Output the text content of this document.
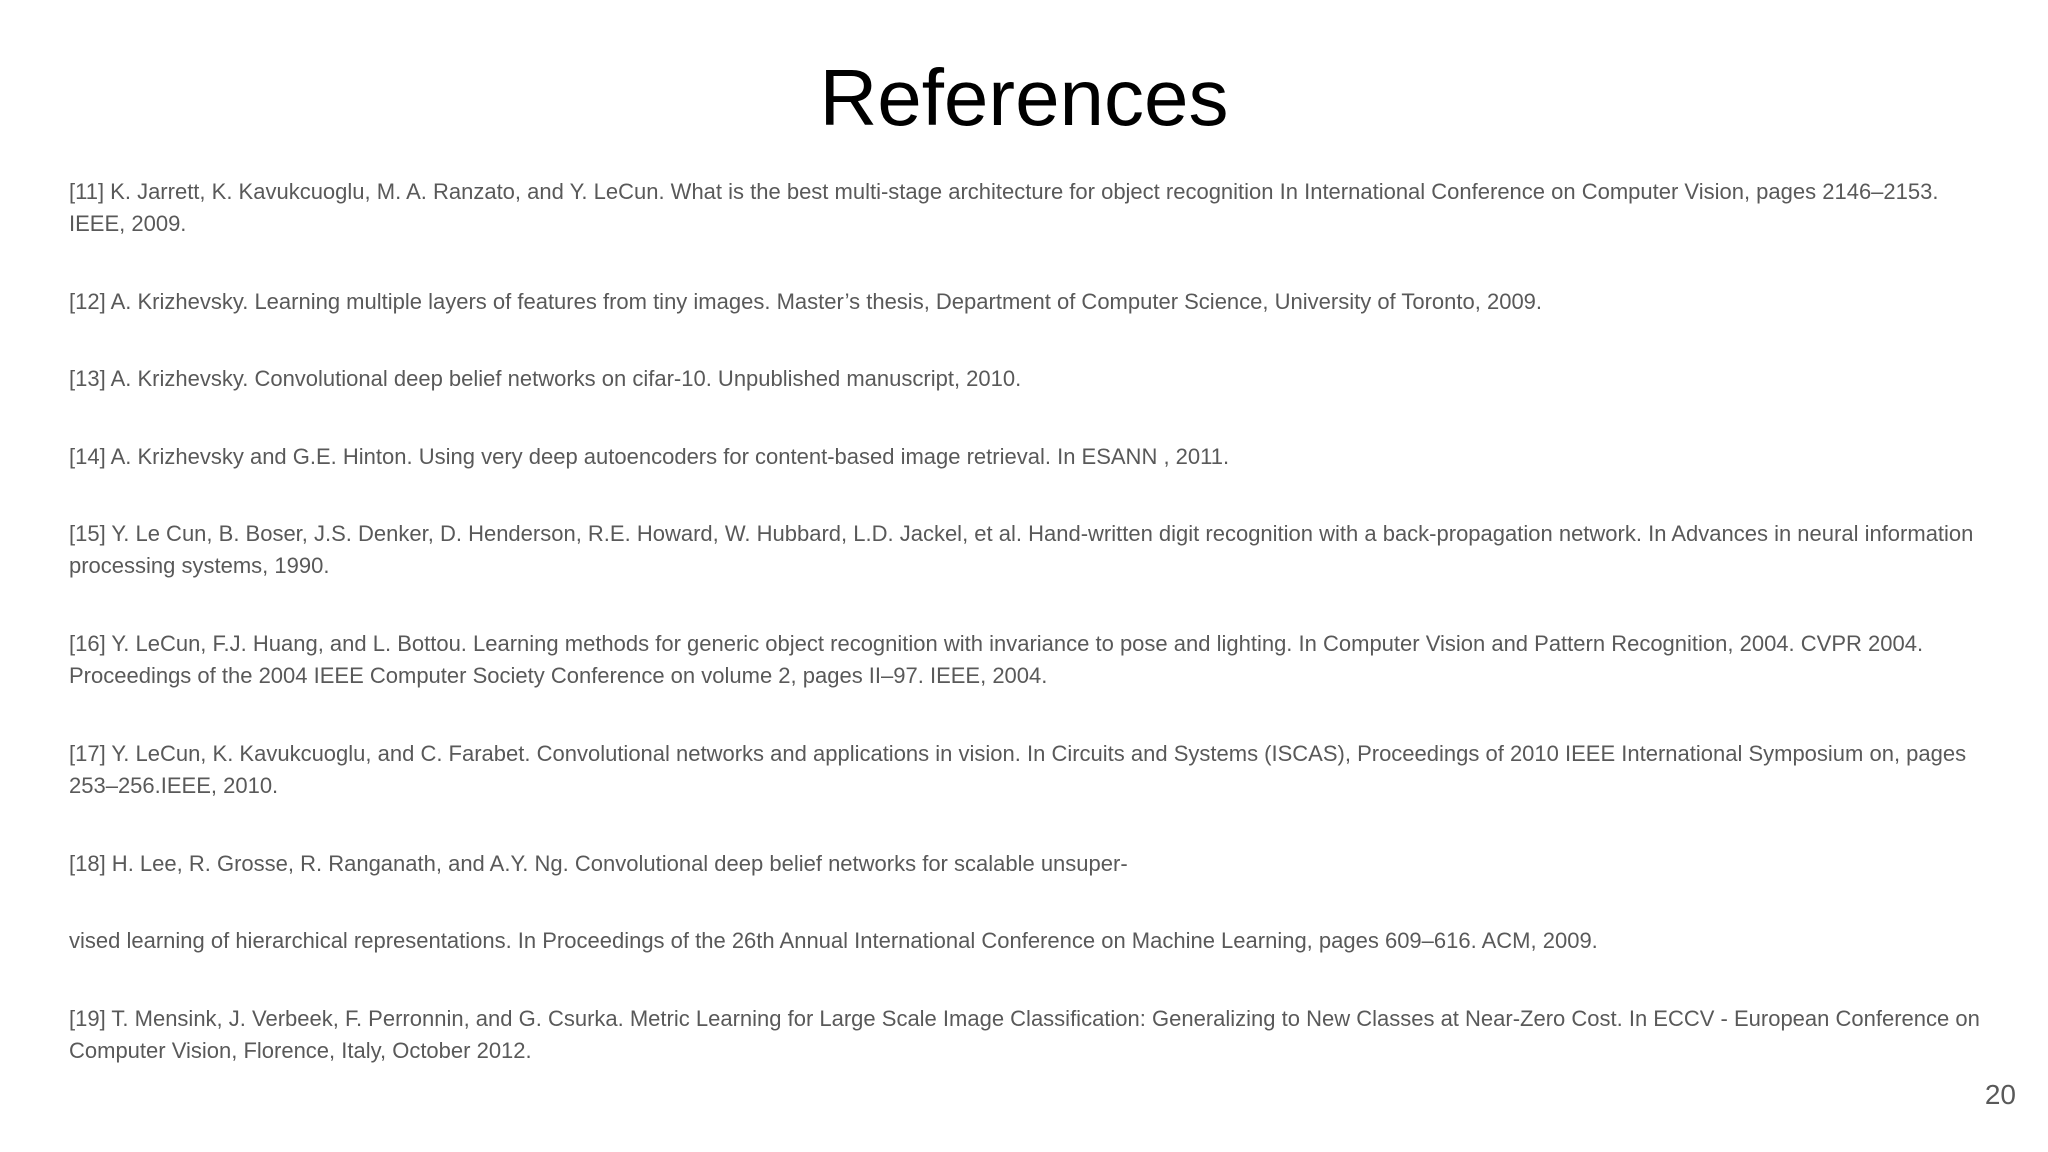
References

[11] K. Jarrett, K. Kavukcuoglu, M. A. Ranzato, and Y. LeCun. What is the best multi-stage architecture for object recognition In International Conference on Computer Vision, pages 2146–2153. IEEE, 2009.

[12] A. Krizhevsky. Learning multiple layers of features from tiny images. Master’s thesis, Department of Computer Science, University of Toronto, 2009.

[13] A. Krizhevsky. Convolutional deep belief networks on cifar-10. Unpublished manuscript, 2010.

[14] A. Krizhevsky and G.E. Hinton. Using very deep autoencoders for content-based image retrieval. In ESANN , 2011.

[15] Y. Le Cun, B. Boser, J.S. Denker, D. Henderson, R.E. Howard, W. Hubbard, L.D. Jackel, et al. Hand-written digit recognition with a back-propagation network. In Advances in neural information processing systems, 1990.

[16] Y. LeCun, F.J. Huang, and L. Bottou. Learning methods for generic object recognition with invariance to pose and lighting. In Computer Vision and Pattern Recognition, 2004. CVPR 2004. Proceedings of the 2004 IEEE Computer Society Conference on volume 2, pages II–97. IEEE, 2004.

[17] Y. LeCun, K. Kavukcuoglu, and C. Farabet. Convolutional networks and applications in vision. In Circuits and Systems (ISCAS), Proceedings of 2010 IEEE International Symposium on, pages 253–256.IEEE, 2010.

[18] H. Lee, R. Grosse, R. Ranganath, and A.Y. Ng. Convolutional deep belief networks for scalable unsuper-

vised learning of hierarchical representations. In Proceedings of the 26th Annual International Conference on Machine Learning, pages 609–616. ACM, 2009.

[19] T. Mensink, J. Verbeek, F. Perronnin, and G. Csurka. Metric Learning for Large Scale Image Classification: Generalizing to New Classes at Near-Zero Cost. In ECCV - European Conference on Computer Vision, Florence, Italy, October 2012.

20
